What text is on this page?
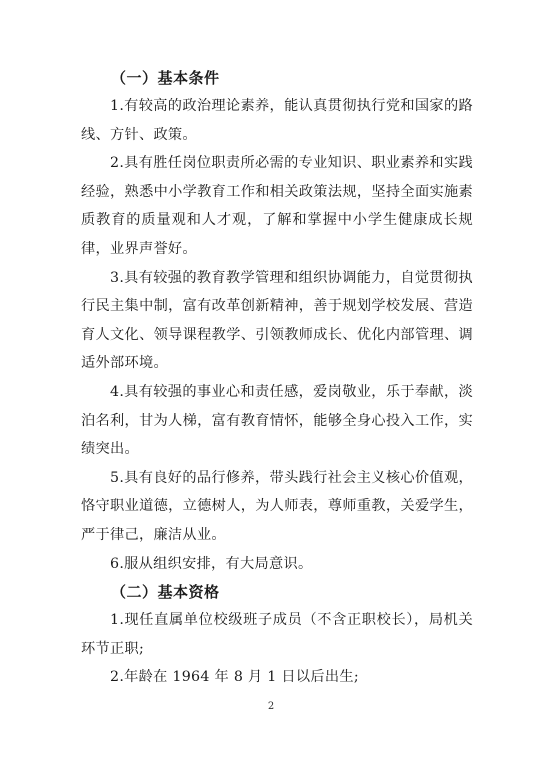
（一）基本条件

1.有较高的政治理论素养，能认真贯彻执行党和国家的路线、方针、政策。

2.具有胜任岗位职责所必需的专业知识、职业素养和实践经验，熟悉中小学教育工作和相关政策法规，坚持全面实施素质教育的质量观和人才观，了解和掌握中小学生健康成长规律，业界声誉好。

3.具有较强的教育教学管理和组织协调能力，自觉贯彻执行民主集中制，富有改革创新精神，善于规划学校发展、营造育人文化、领导课程教学、引领教师成长、优化内部管理、调适外部环境。

4.具有较强的事业心和责任感，爱岗敬业，乐于奉献，淡泊名利，甘为人梯，富有教育情怀，能够全身心投入工作，实绩突出。

5.具有良好的品行修养，带头践行社会主义核心价值观，恪守职业道德，立德树人，为人师表，尊师重教，关爱学生，严于律己，廉洁从业。

6.服从组织安排，有大局意识。

（二）基本资格

1.现任直属单位校级班子成员（不含正职校长），局机关环节正职;

2.年龄在 1964 年 8 月 1 日以后出生;

2
